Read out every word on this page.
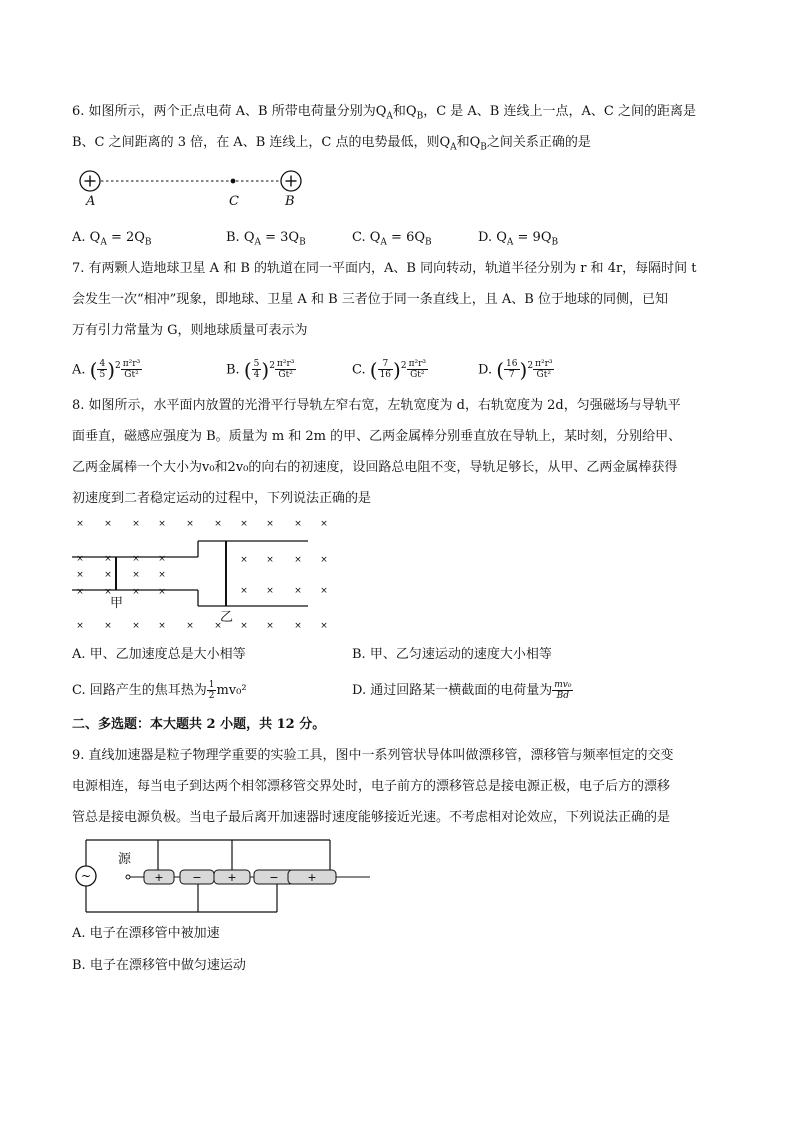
6. 如图所示，两个正点电荷 A、B 所带电荷量分别为$Q_A$和$Q_B$，C 是 A、B 连线上一点，A、C 之间的距离是
B、C 之间距离的 3 倍，在 A、B 连线上，C 点的电势最低，则$Q_A$和$Q_B$之间关系正确的是
A	C	B
A. $Q_A = 2Q_B$	B. $Q_A = 3Q_B$	C. $Q_A = 6Q_B$	D. $Q_A = 9Q_B$
7. 有两颗人造地球卫星 A 和 B 的轨道在同一平面内，A、B 同向转动，轨道半径分别为 r 和 4r，每隔时间 t
会发生一次“相冲”现象，即地球、卫星 A 和 B 三者位于同一条直线上，且 A、B 位于地球的同侧，已知
万有引力常量为 G，则地球质量可表示为
A. ( $\frac{4}{5} )^2 \frac{\text{π²r³}}{\text{Gt²}}$	B. ( $\frac{5}{4} )^2 \frac{\text{π²r³}}{\text{Gt²}}$	C. ( $\frac{7}{16} )^2 \frac{\text{π²r³}}{\text{Gt²}}$	D. ( $\frac{16}{7} )^2 \frac{\text{π²r³}}{\text{Gt²}}$
8. 如图所示，水平面内放置的光滑平行导轨左窄右宽，左轨宽度为 d，右轨宽度为 2d，匀强磁场与导轨平
面垂直，磁感应强度为 B。质量为 m 和 2m 的甲、乙两金属棒分别垂直放在导轨上，某时刻，分别给甲、
乙两金属棒一个大小为v₀和2v₀的向右的初速度，设回路总电阻不变，导轨足够长，从甲、乙两金属棒获得
初速度到二者稳定运动的过程中，下列说法正确的是
× × × × × × × × × ×
× × × × × × × × × ×
×
×
×
×
×
×
×
×
×
×
×
×
×
×
×
×
× × × ×
甲
乙
A. 甲、乙加速度总是大小相等	B. 甲、乙匀速运动的速度大小相等
C. 回路产生的焦耳热为 $\frac{1}{2} mv_0^2$	D. 通过回路某一横截面的电荷量为 $\frac{\text{mv₀}}{Bd}$
二、多选题：本大题共 2 小题，共 12 分。
9. 直线加速器是粒子物理学重要的实验工具，图中一系列管状导体叫做漂移管，漂移管与频率恒定的交变
电源相连，每当电子到达两个相邻漂移管交界处时，电子前方的漂移管总是接电源正极，电子后方的漂移
管总是接电源负极。当电子最后离开加速器时速度能够接近光速。不考虑相对论效应，下列说法正确的是
~	+	− +	−	+
源
A. 电子在漂移管中被加速
B. 电子在漂移管中做匀速运动
